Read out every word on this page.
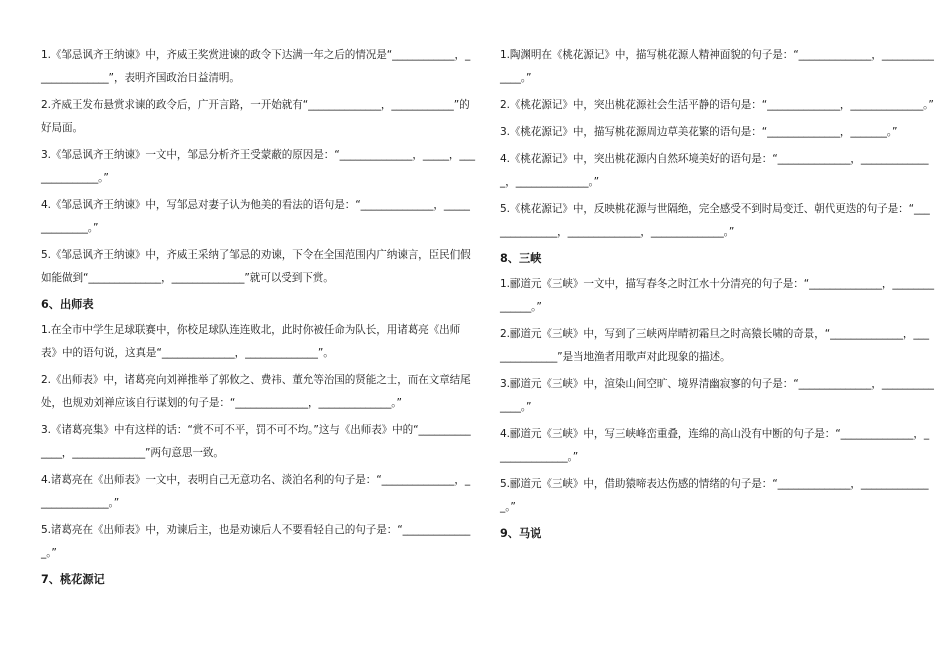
1.《邹忌讽齐王纳谏》中，齐威王奖赏进谏的政令下达满一年之后的情况是“____________，______________”，表明齐国政治日益清明。
2.齐威王发布悬赏求谏的政令后，广开言路，一开始就有“______________，____________”的好局面。
3.《邹忌讽齐王纳谏》一文中，邹忌分析齐王受蒙蔽的原因是：“______________，_____，______________。”
4.《邹忌讽齐王纳谏》中，写邹忌对妻子认为他美的看法的语句是：“______________，______________。”
5.《邹忌讽齐王纳谏》中，齐威王采纳了邹忌的劝谏，下令在全国范围内广纳谏言，臣民们假如能做到“______________，______________”就可以受到下赏。
6、出师表
1.在全市中学生足球联赛中，你校足球队连连败北，此时你被任命为队长，用诸葛亮《出师表》中的语句说，这真是“______________，______________”。
2.《出师表》中，诸葛亮向刘禅推举了郭攸之、费祎、董允等治国的贤能之士，而在文章结尾处，也规劝刘禅应该自行谋划的句子是：“______________，______________。”
3.《诸葛亮集》中有这样的话：“赏不可不平，罚不可不均。”这与《出师表》中的“______________，______________”两句意思一致。
4.诸葛亮在《出师表》一文中，表明自己无意功名、淡泊名利的句子是：“______________，______________。”
5.诸葛亮在《出师表》中，劝谏后主，也是劝谏后人不要看轻自己的句子是：“______________。”
7、桃花源记
1.陶渊明在《桃花源记》中，描写桃花源人精神面貌的句子是：“______________，______________。”
2.《桃花源记》中，突出桃花源社会生活平静的语句是：“______________，______________。”
3.《桃花源记》中，描写桃花源周边草美花繁的语句是：“______________，_______。”
4.《桃花源记》中，突出桃花源内自然环境美好的语句是：“______________，______________，______________。”
5.《桃花源记》中，反映桃花源与世隔绝，完全感受不到时局变迁、朝代更迭的句子是：“______________，______________，______________。”
8、三峡
1.郦道元《三峡》一文中，描写春冬之时江水十分清亮的句子是：“______________，______________。”
2.郦道元《三峡》中，写到了三峡两岸晴初霜旦之时高猿长啸的奇景，“______________，______________”是当地渔者用歌声对此现象的描述。
3.郦道元《三峡》中，渲染山间空旷、境界清幽寂寥的句子是：“______________，______________。”
4.郦道元《三峡》中，写三峡峰峦重叠，连绵的高山没有中断的句子是：“______________，______________。”
5.郦道元《三峡》中，借助猿啼表达伤感的情绪的句子是：“______________，______________。”
9、马说
